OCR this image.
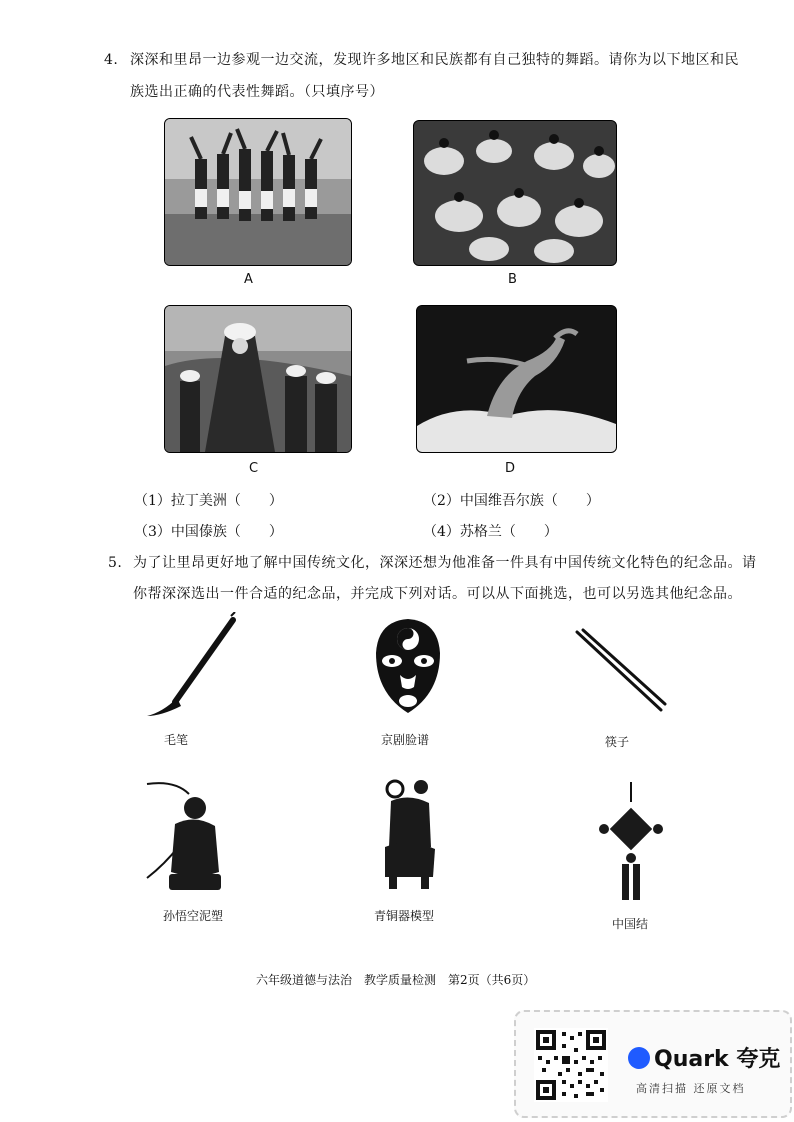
4. 深深和里昂一边参观一边交流，发现许多地区和民族都有自己独特的舞蹈。请你为以下地区和民
族选出正确的代表性舞蹈。（只填序号）
A	B
C	D
（1）拉丁美洲（　　）	（2）中国维吾尔族（　　）
（3）中国傣族（　　）	（4）苏格兰（　　）
5. 为了让里昂更好地了解中国传统文化，深深还想为他准备一件具有中国传统文化特色的纪念品。请
你帮深深选出一件合适的纪念品，并完成下列对话。可以从下面挑选，也可以另选其他纪念品。
毛笔	京剧脸谱	筷子
孙悟空泥塑	青铜器模型
中国结
六年级道德与法治　教学质量检测　第2页（共6页）
Quark 夸克
高清扫描 还原文档
